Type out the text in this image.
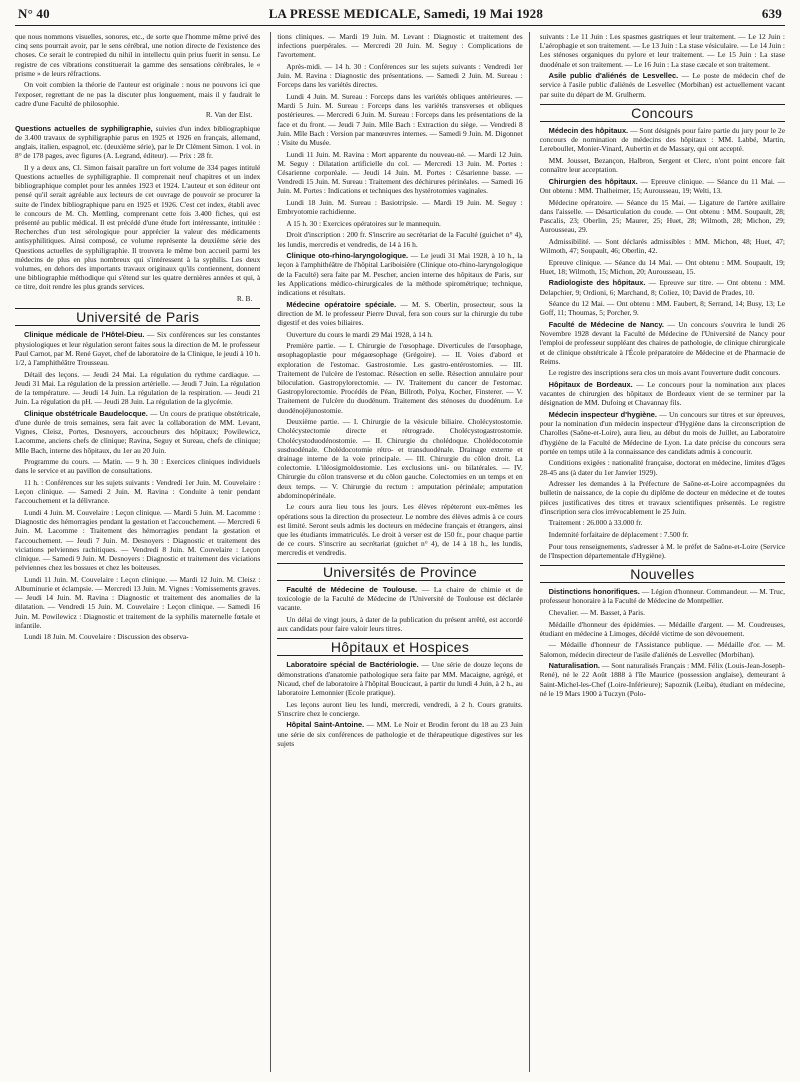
N° 40	LA PRESSE MEDICALE, Samedi, 19 Mai 1928	639

que nous nommons visuelles, sonores, etc., de sorte que l'homme même privé des cinq sens pourrait avoir, par le sens cérébral, une notion directe de l'existence des choses. Ce serait le contrepied du nihil in intellectu quin prius fuerit in sensu. Le registre de ces vibrations constituerait la gamme des sensations cérébrales, le « prisme » de leurs réfractions.

On voit combien la théorie de l'auteur est originale : nous ne pouvons ici que l'exposer, regrettant de ne pas la discuter plus longuement, mais il y faudrait le cadre d'une Faculté de philosophie.

R. Van der Elst.

Questions actuelles de syphiligraphie, suivies d'un index bibliographique de 3.400 travaux de syphiligraphie parus en 1925 et 1926 en français, allemand, anglais, italien, espagnol, etc. (deuxième série), par le Dr Clément Simon. 1 vol. in 8° de 178 pages, avec figures (A. Legrand, éditeur). — Prix : 28 fr.

Il y a deux ans, Cl. Simon faisait paraître un fort volume de 334 pages intitulé Questions actuelles de syphiligraphie. Il comprenait neuf chapitres et un index bibliographique complet pour les années 1923 et 1924. L'auteur et son éditeur ont pensé qu'il serait agréable aux lecteurs de cet ouvrage de pouvoir se procurer la suite de l'index bibliographique paru en 1925 et 1926. C'est cet index, établi avec le concours de M. Ch. Mettling, comprenant cette fois 3.400 fiches, qui est présenté au public médical. Il est précédé d'une étude fort intéressante, intitulée : Recherches d'un test sérologique pour apprécier la valeur des médicaments antisyphilitiques. Ainsi composé, ce volume représente la deuxième série des Questions actuelles de syphiligraphie. Il trouvera le même bon accueil parmi les médecins de plus en plus nombreux qui s'intéressent à la syphilis. Les deux volumes, en dehors des importants travaux originaux qu'ils contiennent, donnent une bibliographie méthodique qui s'étend sur les quatre dernières années et qui, à ce titre, doit rendre les plus grands services.

R. B.
Université de Paris

Clinique médicale de l'Hôtel-Dieu. — Six conférences sur les constantes physiologiques et leur régulation seront faites sous la direction de M. le professeur Paul Carnot, par M. René Gayet, chef de laboratoire de la Clinique, le jeudi à 10 h. 1/2, à l'amphithéâtre Trousseau.

Détail des leçons. — Jeudi 24 Mai. La régulation du rythme cardiaque. — Jeudi 31 Mai. La régulation de la pression artérielle. — Jeudi 7 Juin. La régulation de la température. — Jeudi 14 Juin. La régulation de la respiration. — Jeudi 21 Juin. La régulation du pH. — Jeudi 28 Juin. La régulation de la glycémie.

Clinique obstétricale Baudelocque. — Un cours de pratique obstétricale, d'une durée de trois semaines, sera fait avec la collaboration de MM. Levant, Vignes, Cleisz, Portes, Desnoyers, accoucheurs des hôpitaux; Powilewicz, Lacomme, anciens chefs de clinique; Ravina, Seguy et Sureau, chefs de clinique; Mlle Bach, interne des hôpitaux, du 1er au 20 Juin.

Programme du cours. — Matin. — 9 h. 30 : Exercices cliniques individuels dans le service et au pavillon de consultations.

11 h. : Conférences sur les sujets suivants : Vendredi 1er Juin. M. Couvelaire : Leçon clinique. — Samedi 2 Juin. M. Ravina : Conduite à tenir pendant l'accouchement et la délivrance.

Lundi 4 Juin. M. Couvelaire : Leçon clinique. — Mardi 5 Juin. M. Lacomme : Diagnostic des hémorragies pendant la gestation et l'accouchement. — Mercredi 6 Juin. M. Lacomme : Traitement des hémorragies pendant la gestation et l'accouchement. — Jeudi 7 Juin. M. Desnoyers : Diagnostic et traitement des viciations pelviennes rachitiques. — Vendredi 8 Juin. M. Couvelaire : Leçon clinique. — Samedi 9 Juin. M. Desnoyers : Diagnostic et traitement des viciations pelviennes chez les bossues et chez les boiteuses.

Lundi 11 Juin. M. Couvelaire : Leçon clinique. — Mardi 12 Juin. M. Cleisz : Albuminurie et éclampsie. — Mercredi 13 Juin. M. Vignes : Vomissements graves. — Jeudi 14 Juin. M. Ravina : Diagnostic et traitement des anomalies de la dilatation. — Vendredi 15 Juin. M. Couvelaire : Leçon clinique. — Samedi 16 Juin. M. Powilewicz : Diagnostic et traitement de la syphilis maternelle fœtale et infantile.

Lundi 18 Juin. M. Couvelaire : Discussion des observa-

tions cliniques. — Mardi 19 Juin. M. Levant : Diagnostic et traitement des infections puerpérales. — Mercredi 20 Juin. M. Seguy : Complications de l'avortement.

Après-midi. — 14 h. 30 : Conférences sur les sujets suivants : Vendredi 1er Juin. M. Ravina : Diagnostic des présentations. — Samedi 2 Juin. M. Sureau : Forceps dans les variétés directes.

Lundi 4 Juin. M. Sureau : Forceps dans les variétés obliques antérieures. — Mardi 5 Juin. M. Sureau : Forceps dans les variétés transverses et obliques postérieures. — Mercredi 6 Juin. M. Sureau : Forceps dans les présentations de la face et du front. — Jeudi 7 Juin. Mlle Bach : Extraction du siège. — Vendredi 8 Juin. Mlle Bach : Version par manœuvres internes. — Samedi 9 Juin. M. Digonnet : Visite du Musée.

Lundi 11 Juin. M. Ravina : Mort apparente du nouveau-né. — Mardi 12 Juin. M. Seguy : Dilatation artificielle du col. — Mercredi 13 Juin. M. Portes : Césarienne corporéale. — Jeudi 14 Juin. M. Portes : Césarienne basse. — Vendredi 15 Juin. M. Sureau : Traitement des déchirures périnéales. — Samedi 16 Juin. M. Portes : Indications et techniques des hystérotomies vaginales.

Lundi 18 Juin. M. Sureau : Basiotripsie. — Mardi 19 Juin. M. Seguy : Embryotomie rachidienne.

A 15 h. 30 : Exercices opératoires sur le mannequin.

Droit d'inscription : 200 fr. S'inscrire au secrétariat de la Faculté (guichet n° 4), les lundis, mercredis et vendredis, de 14 à 16 h.

Clinique oto-rhino-laryngologique. — Le jeudi 31 Mai 1928, à 10 h., la leçon à l'amphithéâtre de l'hôpital Lariboisière (Clinique oto-rhino-laryngologique de la Faculté) sera faite par M. Pescher, ancien interne des hôpitaux de Paris, sur les Applications médico-chirurgicales de la méthode spirométrique; technique, indications et résultats.

Médecine opératoire spéciale. — M. S. Oberlin, prosecteur, sous la direction de M. le professeur Pierre Duval, fera son cours sur la chirurgie du tube digestif et des voies biliaires.

Ouverture du cours le mardi 29 Mai 1928, à 14 h.

Première partie. — I. Chirurgie de l'œsophage. Diverticules de l'œsophage, œsophagoplastie pour mégaœsophage (Grégoire). — II. Voies d'abord et exploration de l'estomac. Gastrostomie. Les gastro-entérostomies. — III. Traitement de l'ulcère de l'estomac. Résection en selle. Résection annulaire pour biloculation. Gastropylorectomie. — IV. Traitement du cancer de l'estomac. Gastropylorectomie. Procédés de Péan, Billroth, Polya, Kocher, Finsterer. — V. Traitement de l'ulcère du duodénum. Traitement des sténoses du duodénum. Le duodénojéjunostomie.

Deuxième partie. — I. Chirurgie de la vésicule biliaire. Cholécystostomie. Cholécystectomie directe et rétrograde. Cholécystogastrostomie. Cholécystoduodénostomie. — II. Chirurgie du cholédoque. Cholédocotomie susduodénale. Cholédocotomie rétro- et transduodénale. Drainage externe et drainage interne de la voie principale. — III. Chirurgie du côlon droit. La colectomie. L'iléosigmoïdostomie. Les exclusions uni- ou bilatérales. — IV. Chirurgie du côlon transverse et du côlon gauche. Colectomies en un temps et en deux temps. — V. Chirurgie du rectum : amputation périnéale; amputation abdominopérinéale.

Le cours aura lieu tous les jours. Les élèves répèteront eux-mêmes les opérations sous la direction du prosecteur. Le nombre des élèves admis à ce cours est limité. Seront seuls admis les docteurs en médecine français et étrangers, ainsi que les étudiants immatriculés. Le droit à verser est de 150 fr., pour chaque partie de ce cours. S'inscrire au secrétariat (guichet n° 4), de 14 à 18 h., les lundis, mercredis et vendredis.

Universités de Province

Faculté de Médecine de Toulouse. — La chaire de chimie et de toxicologie de la Faculté de Médecine de l'Université de Toulouse est déclarée vacante.

Un délai de vingt jours, à dater de la publication du présent arrêté, est accordé aux candidats pour faire valoir leurs titres.

Hôpitaux et Hospices

Laboratoire spécial de Bactériologie. — Une série de douze leçons de démonstrations d'anatomie pathologique sera faite par MM. Macaigne, agrégé, et Nicaud, chef de laboratoire à l'hôpital Boucicaut, à partir du lundi 4 Juin, à 2 h., au laboratoire Lemonnier (Ecole pratique).

Les leçons auront lieu les lundi, mercredi, vendredi, à 2 h. Cours gratuits. S'inscrire chez le concierge.

Hôpital Saint-Antoine. — MM. Le Noir et Brodin feront du 18 au 23 Juin une série de six conférences de pathologie et de thérapeutique digestives sur les sujets

suivants : Le 11 Juin : Les spasmes gastriques et leur traitement. — Le 12 Juin : L'aérophagie et son traitement. — Le 13 Juin : La stase vésiculaire. — Le 14 Juin : Les sténoses organiques du pylore et leur traitement. — Le 15 Juin : La stase duodénale et son traitement. — Le 16 Juin : La stase cæcale et son traitement.

Asile public d'aliénés de Lesvellec. — Le poste de médecin chef de service à l'asile public d'aliénés de Lesvellec (Morbihan) est actuellement vacant par suite du départ de M. Grulherm.

Concours

Médecin des hôpitaux. — Sont désignés pour faire partie du jury pour le 2e concours de nomination de médecins des hôpitaux : MM. Labbé, Martin, Lereboullet, Monier-Vinard, Aubertin et de Massary, qui ont accepté.

MM. Jousset, Bezançon, Halbron, Sergent et Clerc, n'ont point encore fait connaître leur acceptation.

Chirurgien des hôpitaux. — Epreuve clinique. — Séance du 11 Mai. — Ont obtenu : MM. Thalheimer, 15; Aurousseau, 19; Welti, 13.

Médecine opératoire. — Séance du 15 Mai. — Ligature de l'artère axillaire dans l'aisselle. — Désarticulation du coude. — Ont obtenu : MM. Soupault, 28; Pascalis, 23; Oberlin, 25; Maurer, 25; Huet, 28; Wilmoth, 28; Michon, 29; Aurousseau, 29.

Admissibilité. — Sont déclarés admissibles : MM. Michon, 48; Huet, 47; Wilmoth, 47; Soupault, 46; Oberlin, 42.

Epreuve clinique. — Séance du 14 Mai. — Ont obtenu : MM. Soupault, 19; Huet, 18; Wilmoth, 15; Michon, 20; Aurousseau, 15.

Radiologiste des hôpitaux. — Epreuve sur titre. — Ont obtenu : MM. Delapchier, 9; Ordioni, 6; Marchand, 8; Coliez, 10; David de Prades, 10.

Séance du 12 Mai. — Ont obtenu : MM. Faubert, 8; Serrand, 14; Busy, 13; Le Goff, 11; Thoumas, 5; Porcher, 9.

Faculté de Médecine de Nancy. — Un concours s'ouvrira le lundi 26 Novembre 1928 devant la Faculté de Médecine de l'Université de Nancy pour l'emploi de professeur suppléant des chaires de pathologie, de clinique chirurgicale et de clinique obstétricale à l'École préparatoire de Médecine et de Pharmacie de Reims.

Le registre des inscriptions sera clos un mois avant l'ouverture dudit concours.

Hôpitaux de Bordeaux. — Le concours pour la nomination aux places vacantes de chirurgien des hôpitaux de Bordeaux vient de se terminer par la désignation de MM. Dufoing et Chavannay fils.

Médecin inspecteur d'hygiène. — Un concours sur titres et sur épreuves, pour la nomination d'un médecin inspecteur d'Hygiène dans la circonscription de Charolles (Saône-et-Loire), aura lieu, au début du mois de Juillet, au Laboratoire d'hygiène de la Faculté de Médecine de Lyon. La date précise du concours sera portée en temps utile à la connaissance des candidats admis à concourir.

Conditions exigées : nationalité française, doctorat en médecine, limites d'âges 28-45 ans (à dater du 1er Janvier 1929).

Adresser les demandes à la Préfecture de Saône-et-Loire accompagnées du bulletin de naissance, de la copie du diplôme de docteur en médecine et de toutes pièces justificatives des titres et travaux scientifiques présentés. Le registre d'inscription sera clos irrévocablement le 25 Juin.

Traitement : 26.000 à 33.000 fr.

Indemnité forfaitaire de déplacement : 7.500 fr.

Pour tous renseignements, s'adresser à M. le préfet de Saône-et-Loire (Service de l'Inspection départementale d'Hygiène).

Nouvelles

Distinctions honorifiques. — Légion d'honneur. Commandeur. — M. Truc, professeur honoraire à la Faculté de Médecine de Montpellier.

Chevalier. — M. Basset, à Paris.

Médaille d'honneur des épidémies. — Médaille d'argent. — M. Coudreuses, étudiant en médecine à Limoges, décédé victime de son dévouement.

— Médaille d'honneur de l'Assistance publique. — Médaille d'or. — M. Salomon, médecin directeur de l'asile d'aliénés de Lesvellec (Morbihan).

Naturalisation. — Sont naturalisés Français : MM. Félix (Louis-Jean-Joseph-René), né le 22 Août 1888 à l'île Maurice (possession anglaise), demeurant à Saint-Michel-les-Chef (Loire-Inférieure); Sapoznik (Leiba), étudiant en médecine, né le 19 Mars 1900 à Tuczyn (Polo-
